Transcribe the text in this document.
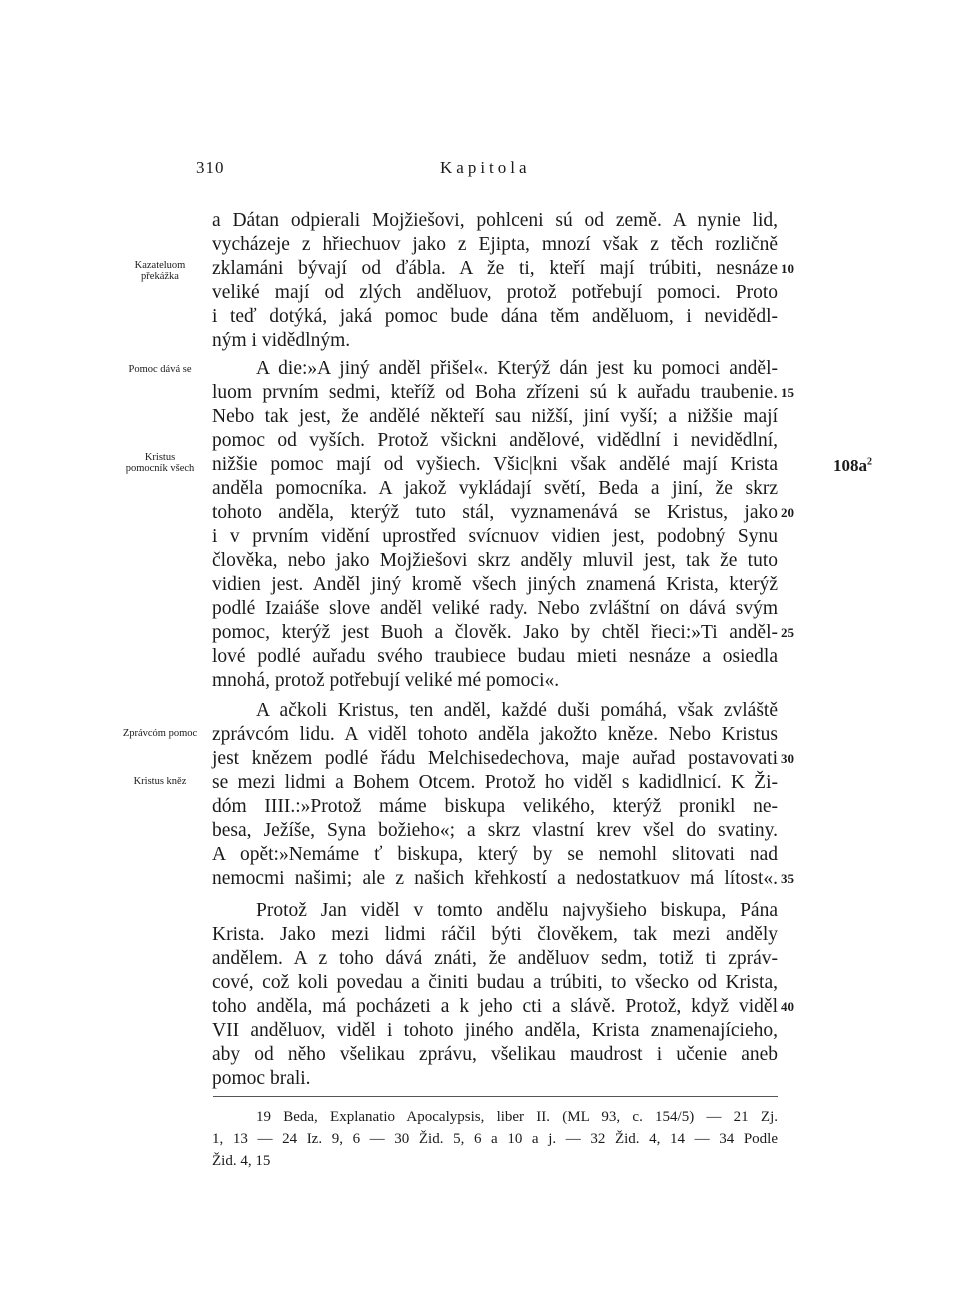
310	Kapitola
a Dátan odpierali Mojžiešovi, pohlceni sú od země. A nynie lid,
vycházeje z hřiechuov jako z Ejipta, mnozí však z těch rozličně
zklamáni bývají od ďábla. A že ti, kteří mají trúbiti, nesnáze
veliké mají od zlých anděluov, protož potřebují pomoci. Proto
i teď dotýká, jaká pomoc bude dána těm anděluom, i nevidědl-
ným i vidědlným.
A die:»A jiný anděl přišel«. Kterýž dán jest ku pomoci anděl-
luom prvním sedmi, kteříž od Boha zřízeni sú k auřadu traubenie.
Nebo tak jest, že andělé někteří sau nižší, jiní vyší; a nižšie mají
pomoc od vyších. Protož všickni andělové, vidědlní i nevidědlní,
nižšie pomoc mají od vyšiech. Všic|kni však andělé mají Krista
anděla pomocníka. A jakož vykládají světí, Beda a jiní, že skrz
tohoto anděla, kterýž tuto stál, vyznamenává se Kristus, jako
i v prvním vidění uprostřed svícnuov vidien jest, podobný Synu
člověka, nebo jako Mojžiešovi skrz anděly mluvil jest, tak že tuto
vidien jest. Anděl jiný kromě všech jiných znamená Krista, kterýž
podlé Izaiáše slove anděl veliké rady. Nebo zvláštní on dává svým
pomoc, kterýž jest Buoh a člověk. Jako by chtěl řieci:»Ti anděl-
lové podlé auřadu svého traubiece budau mieti nesnáze a osiedla
mnohá, protož potřebují veliké mé pomoci«.
A ačkoli Kristus, ten anděl, každé duši pomáhá, však zvláště
zprávcóm lidu. A viděl tohoto anděla jakožto kněze. Nebo Kristus
jest knězem podlé řádu Melchisedechova, maje auřad postavovati
se mezi lidmi a Bohem Otcem. Protož ho viděl s kadidlnicí. K Ži-
dóm IIII.:»Protož máme biskupa velikého, kterýž pronikl ne-
besa, Ježíše, Syna božieho«; a skrz vlastní krev všel do svatiny.
A opět:»Nemáme ť biskupa, který by se nemohl slitovati nad
nemocmi našimi; ale z našich křehkostí a nedostatkuov má lítost«.
Protož Jan viděl v tomto andělu najvyšieho biskupa, Pána
Krista. Jako mezi lidmi ráčil býti člověkem, tak mezi anděly
andělem. A z toho dává znáti, že anděluov sedm, totiž ti zpráv-
cové, což koli povedau a činiti budau a trúbiti, to všecko od Krista,
toho anděla, má pocházeti a k jeho cti a slávě. Protož, když viděl
VII anděluov, viděl i tohoto jiného anděla, Krista znamenajícieho,
aby od něho všelikau zprávu, všelikau maudrost i učenie aneb
pomoc brali.
Kazateluom
překážka
Pomoc dává se
Kristus
pomocník všech
Zprávcóm pomoc
Kristus kněz
10
15
20
25
30
35
40
$108a^2$
19 Beda, Explanatio Apocalypsis, liber II. (ML 93, c. 154/5) — 21 Zj.
1, 13 — 24 Iz. 9, 6 — 30 Žid. 5, 6 a 10 a j. — 32 Žid. 4, 14 — 34 Podle
Žid. 4, 15
